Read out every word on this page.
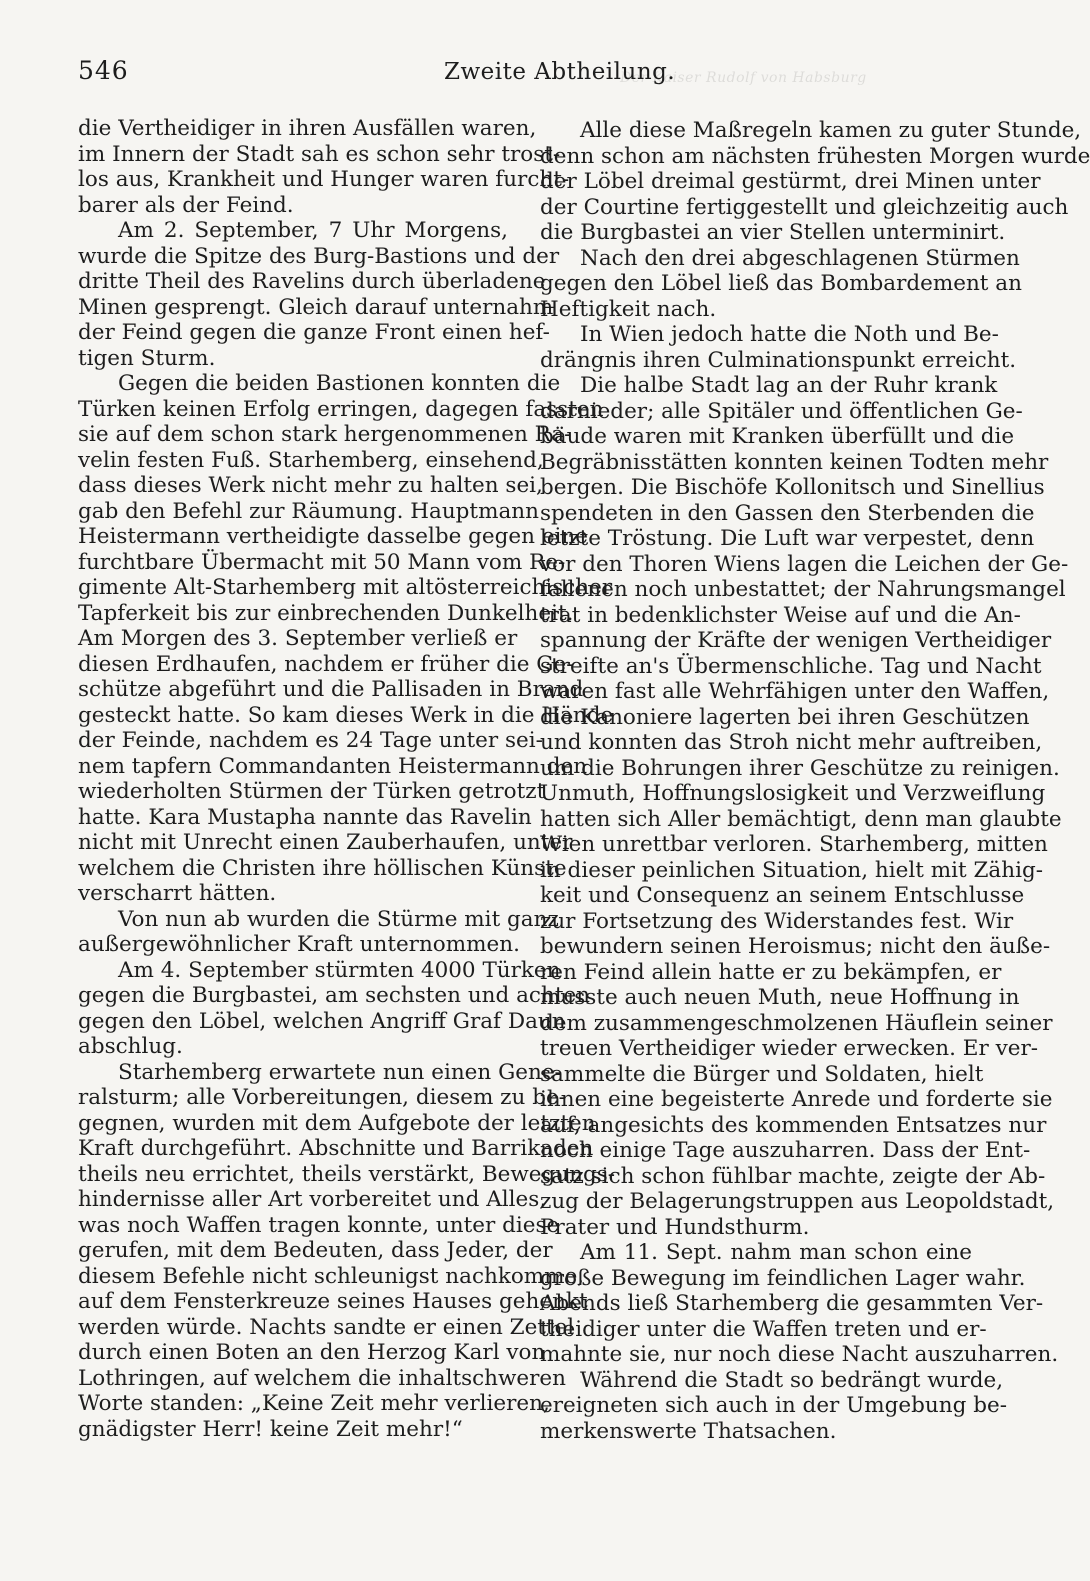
Der Kaiser Rudolf von Habsburg
546	Zweite Abtheilung.
die Vertheidiger in ihren Ausfällen waren,
im Innern der Stadt sah es schon sehr trost-
los aus, Krankheit und Hunger waren furcht-
barer als der Feind.
Am 2. September, 7 Uhr Morgens,
wurde die Spitze des Burg-Bastions und der
dritte Theil des Ravelins durch überladene
Minen gesprengt. Gleich darauf unternahm
der Feind gegen die ganze Front einen hef-
tigen Sturm.
Gegen die beiden Bastionen konnten die
Türken keinen Erfolg erringen, dagegen fassten
sie auf dem schon stark hergenommenen Ra-
velin festen Fuß. Starhemberg, einsehend,
dass dieses Werk nicht mehr zu halten sei,
gab den Befehl zur Räumung. Hauptmann
Heistermann vertheidigte dasselbe gegen eine
furchtbare Übermacht mit 50 Mann vom Re-
gimente Alt-Starhemberg mit altösterreichischer
Tapferkeit bis zur einbrechenden Dunkelheit.
Am Morgen des 3. September verließ er
diesen Erdhaufen, nachdem er früher die Ge-
schütze abgeführt und die Pallisaden in Brand
gesteckt hatte. So kam dieses Werk in die Hände
der Feinde, nachdem es 24 Tage unter sei-
nem tapfern Commandanten Heistermann den
wiederholten Stürmen der Türken getrotzt
hatte. Kara Mustapha nannte das Ravelin
nicht mit Unrecht einen Zauberhaufen, unter
welchem die Christen ihre höllischen Künste
verscharrt hätten.
Von nun ab wurden die Stürme mit ganz
außergewöhnlicher Kraft unternommen.
Am 4. September stürmten 4000 Türken
gegen die Burgbastei, am sechsten und achten
gegen den Löbel, welchen Angriff Graf Daun
abschlug.
Starhemberg erwartete nun einen Gene-
ralsturm; alle Vorbereitungen, diesem zu be-
gegnen, wurden mit dem Aufgebote der letzten
Kraft durchgeführt. Abschnitte und Barrikaden
theils neu errichtet, theils verstärkt, Bewegungs-
hindernisse aller Art vorbereitet und Alles,
was noch Waffen tragen konnte, unter diese
gerufen, mit dem Bedeuten, dass Jeder, der
diesem Befehle nicht schleunigst nachkomme,
auf dem Fensterkreuze seines Hauses gehenkt
werden würde. Nachts sandte er einen Zettel
durch einen Boten an den Herzog Karl von
Lothringen, auf welchem die inhaltschweren
Worte standen: „Keine Zeit mehr verlieren,
gnädigster Herr! keine Zeit mehr!“
Alle diese Maßregeln kamen zu guter Stunde,
denn schon am nächsten frühesten Morgen wurde
der Löbel dreimal gestürmt, drei Minen unter
der Courtine fertiggestellt und gleichzeitig auch
die Burgbastei an vier Stellen unterminirt.
Nach den drei abgeschlagenen Stürmen
gegen den Löbel ließ das Bombardement an
Heftigkeit nach.
In Wien jedoch hatte die Noth und Be-
drängnis ihren Culminationspunkt erreicht.
Die halbe Stadt lag an der Ruhr krank
darnieder; alle Spitäler und öffentlichen Ge-
bäude waren mit Kranken überfüllt und die
Begräbnisstätten konnten keinen Todten mehr
bergen. Die Bischöfe Kollonitsch und Sinellius
spendeten in den Gassen den Sterbenden die
letzte Tröstung. Die Luft war verpestet, denn
vor den Thoren Wiens lagen die Leichen der Ge-
fallenen noch unbestattet; der Nahrungsmangel
trat in bedenklichster Weise auf und die An-
spannung der Kräfte der wenigen Vertheidiger
streifte an's Übermenschliche. Tag und Nacht
waren fast alle Wehrfähigen unter den Waffen,
die Kanoniere lagerten bei ihren Geschützen
und konnten das Stroh nicht mehr auftreiben,
um die Bohrungen ihrer Geschütze zu reinigen.
Unmuth, Hoffnungslosigkeit und Verzweiflung
hatten sich Aller bemächtigt, denn man glaubte
Wien unrettbar verloren. Starhemberg, mitten
in dieser peinlichen Situation, hielt mit Zähig-
keit und Consequenz an seinem Entschlusse
zur Fortsetzung des Widerstandes fest. Wir
bewundern seinen Heroismus; nicht den äuße-
ren Feind allein hatte er zu bekämpfen, er
musste auch neuen Muth, neue Hoffnung in
dem zusammengeschmolzenen Häuflein seiner
treuen Vertheidiger wieder erwecken. Er ver-
sammelte die Bürger und Soldaten, hielt
ihnen eine begeisterte Anrede und forderte sie
auf, angesichts des kommenden Entsatzes nur
noch einige Tage auszuharren. Dass der Ent-
satz sich schon fühlbar machte, zeigte der Ab-
zug der Belagerungstruppen aus Leopoldstadt,
Prater und Hundsthurm.
Am 11. Sept. nahm man schon eine
große Bewegung im feindlichen Lager wahr.
Abends ließ Starhemberg die gesammten Ver-
theidiger unter die Waffen treten und er-
mahnte sie, nur noch diese Nacht auszuharren.
Während die Stadt so bedrängt wurde,
ereigneten sich auch in der Umgebung be-
merkenswerte Thatsachen.
